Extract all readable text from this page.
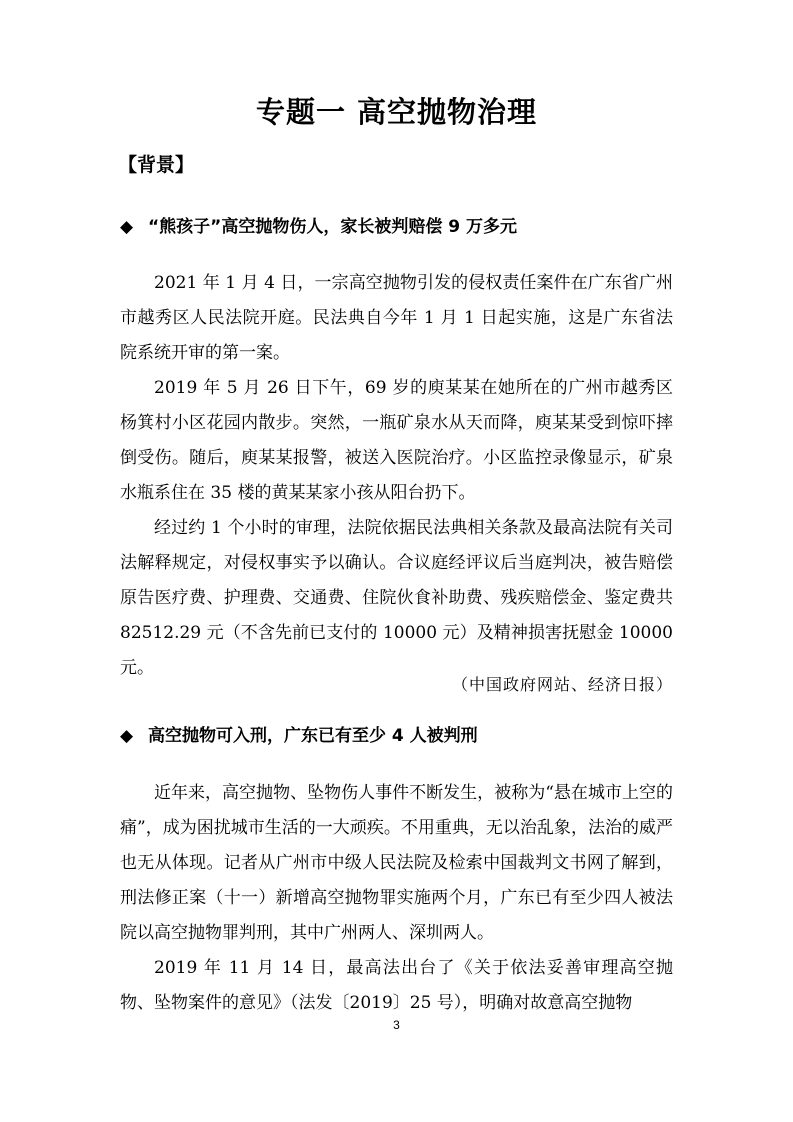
专题一 高空抛物治理
【背景】
◆ “熊孩子”高空抛物伤人，家长被判赔偿 9 万多元

2021 年 1 月 4 日，一宗高空抛物引发的侵权责任案件在广东省广州市越秀区人民法院开庭。民法典自今年 1 月 1 日起实施，这是广东省法院系统开审的第一案。

2019 年 5 月 26 日下午，69 岁的庾某某在她所在的广州市越秀区杨箕村小区花园内散步。突然，一瓶矿泉水从天而降，庾某某受到惊吓摔倒受伤。随后，庾某某报警，被送入医院治疗。小区监控录像显示，矿泉水瓶系住在 35 楼的黄某某家小孩从阳台扔下。

经过约 1 个小时的审理，法院依据民法典相关条款及最高法院有关司法解释规定，对侵权事实予以确认。合议庭经评议后当庭判决，被告赔偿原告医疗费、护理费、交通费、住院伙食补助费、残疾赔偿金、鉴定费共 82512.29 元（不含先前已支付的 10000 元）及精神损害抚慰金 10000 元。

（中国政府网站、经济日报）
◆ 高空抛物可入刑，广东已有至少 4 人被判刑

近年来，高空抛物、坠物伤人事件不断发生，被称为“悬在城市上空的痛”，成为困扰城市生活的一大顽疾。不用重典，无以治乱象，法治的威严也无从体现。记者从广州市中级人民法院及检索中国裁判文书网了解到，刑法修正案（十一）新增高空抛物罪实施两个月，广东已有至少四人被法院以高空抛物罪判刑，其中广州两人、深圳两人。

2019 年 11 月 14 日，最高法出台了《关于依法妥善审理高空抛物、坠物案件的意见》（法发〔2019〕25 号），明确对故意高空抛物

3
